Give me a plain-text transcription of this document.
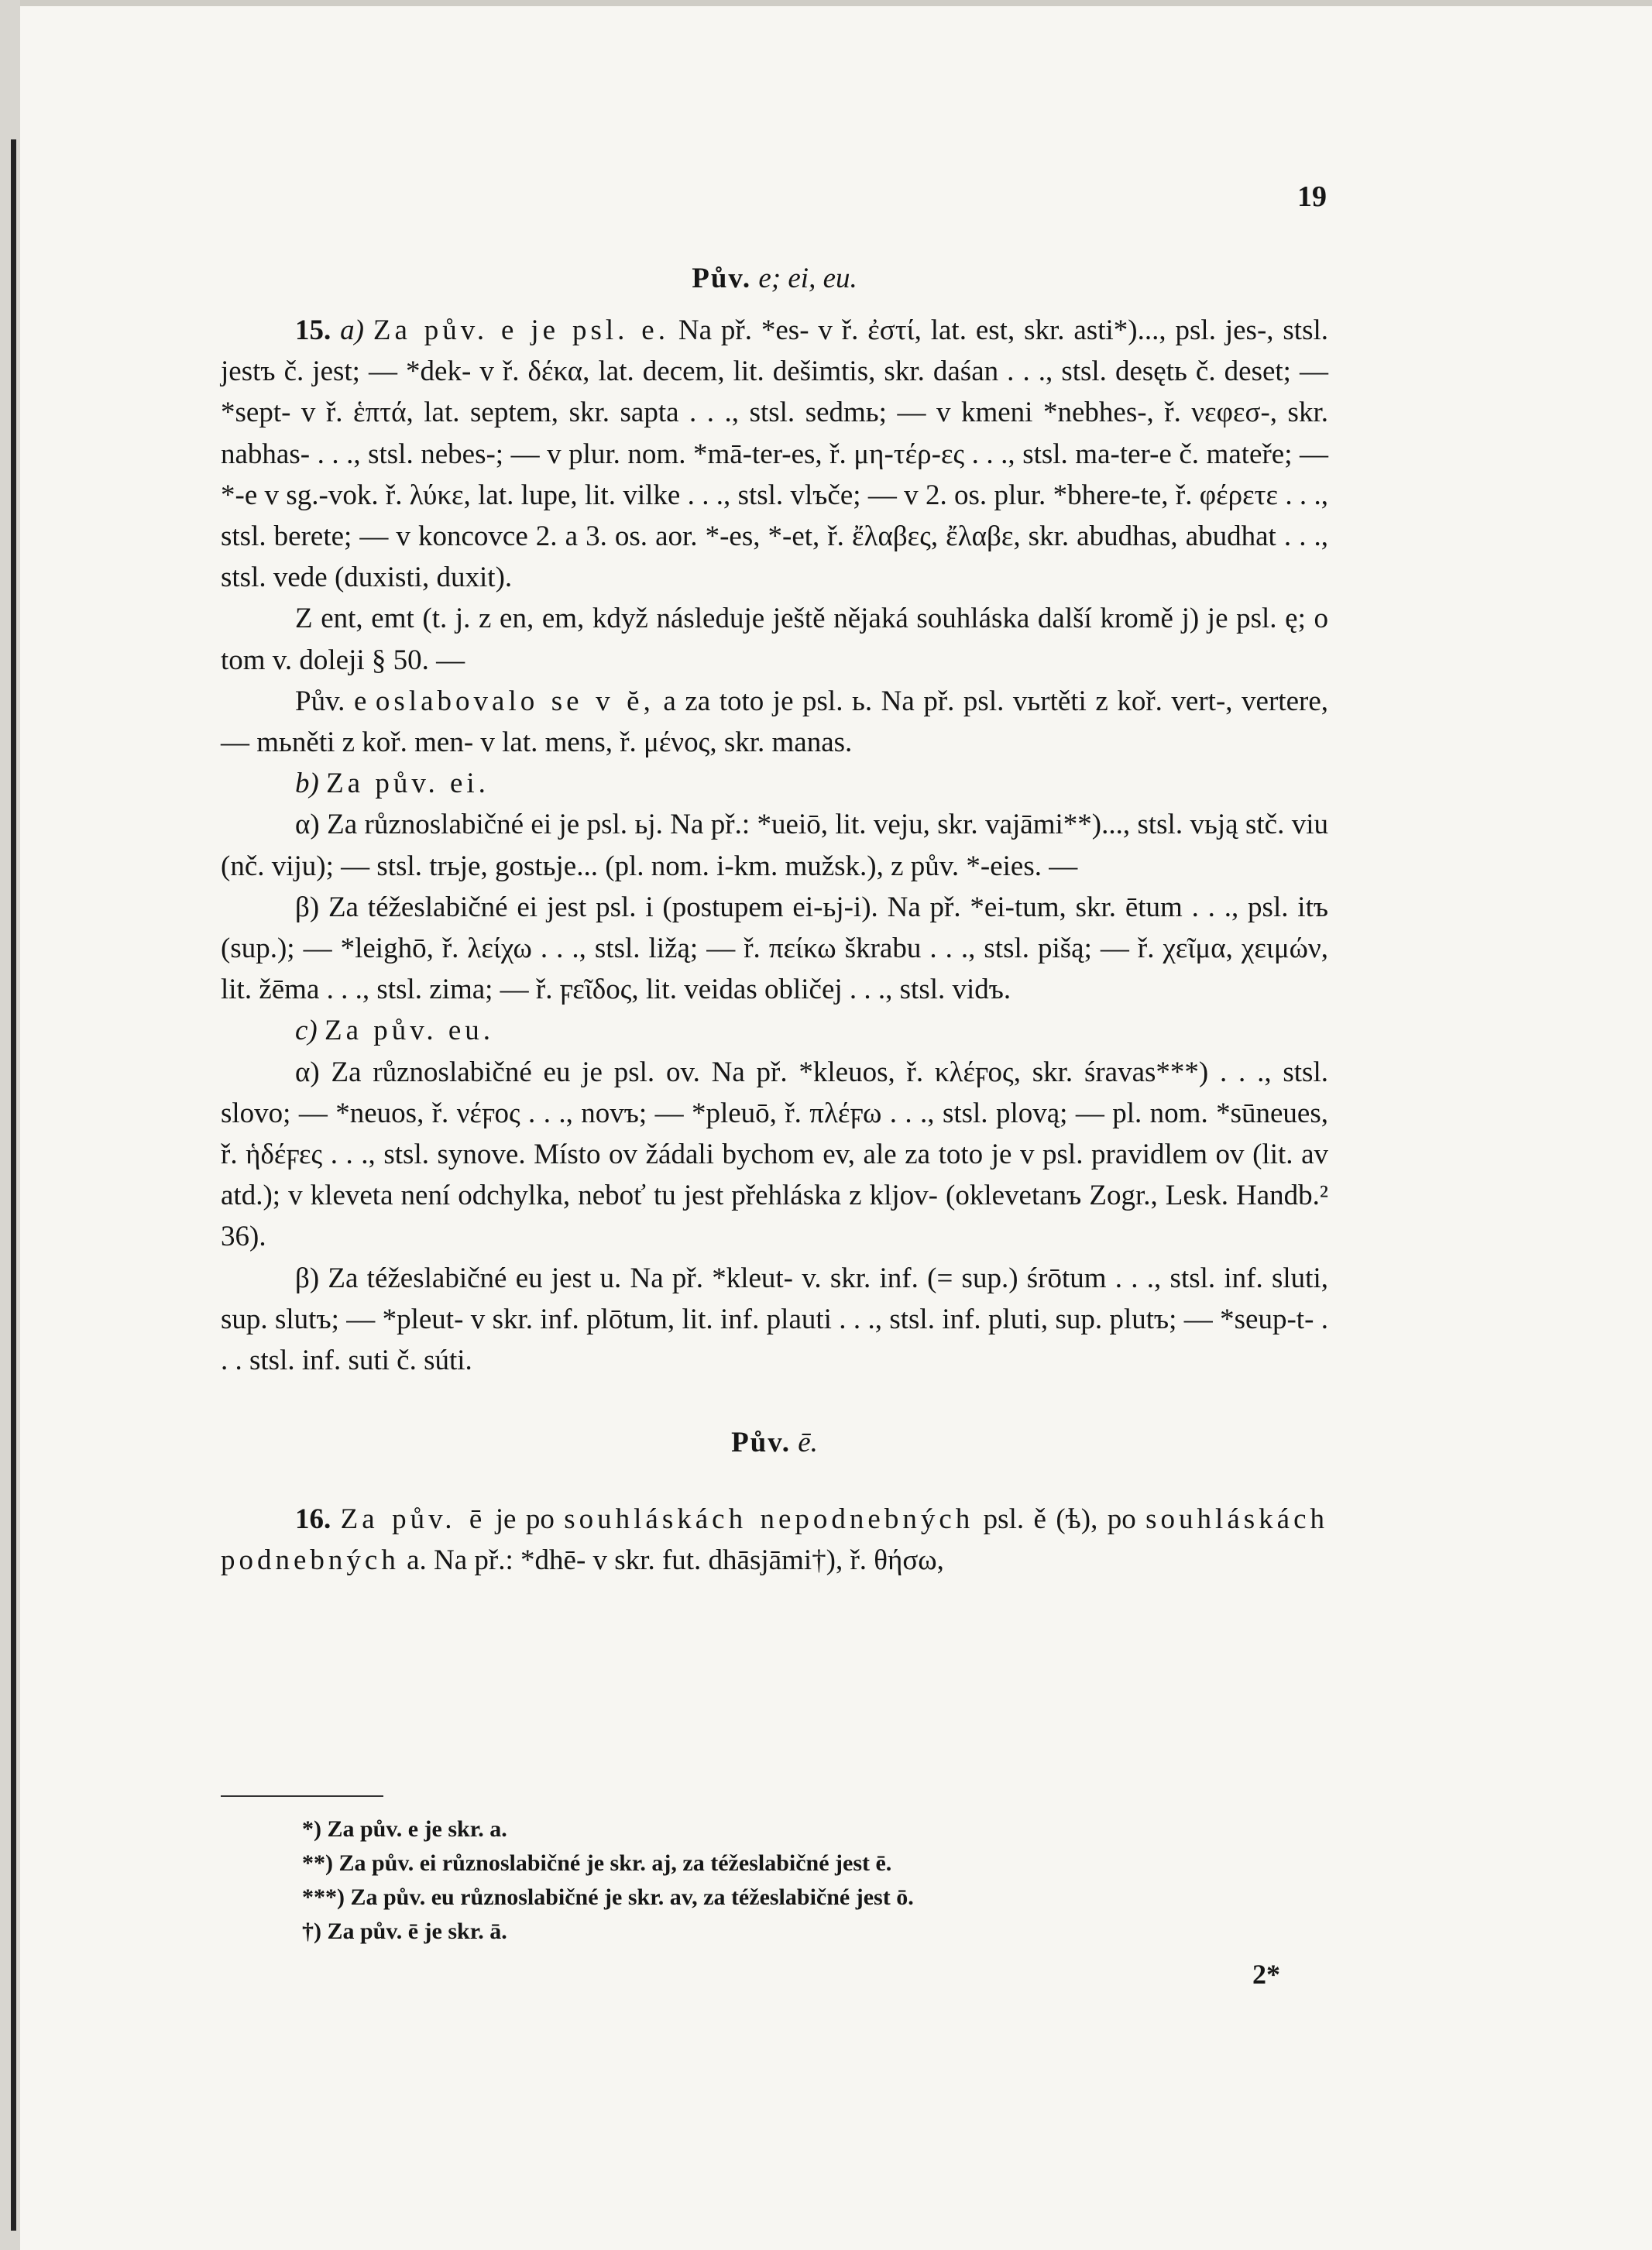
19
Pův. e; ei, eu.

15. a) Za pův. e je psl. e. Na př. *es- v ř. ἐστί, lat. est, skr. asti*)..., psl. jes-, stsl. jestъ č. jest; — *dek- v ř. δέκα, lat. decem, lit. dešimtis, skr. daśan . . ., stsl. desętь č. deset; — *sept- v ř. ἑπτά, lat. septem, skr. sapta . . ., stsl. sedmь; — v kmeni *nebhes-, ř. νεφεσ-, skr. nabhas- . . ., stsl. nebes-; — v plur. nom. *mā-ter-es, ř. μη-τέρ-ες . . ., stsl. ma-ter-e č. mateře; — *-e v sg.-vok. ř. λύκε, lat. lupe, lit. vilke . . ., stsl. vlъče; — v 2. os. plur. *bhere-te, ř. φέρετε . . ., stsl. berete; — v koncovce 2. a 3. os. aor. *-es, *-et, ř. ἔλαβες, ἔλαβε, skr. abudhas, abudhat . . ., stsl. vede (duxisti, duxit).

Z ent, emt (t. j. z en, em, když následuje ještě nějaká souhláska další kromě j) je psl. ę; o tom v. doleji § 50. —

Pův. e oslabovalo se v ĕ, a za toto je psl. ь. Na př. psl. vьrtěti z koř. vert-, vertere, — mьněti z koř. men- v lat. mens, ř. μένος, skr. manas.

b) Za pův. ei.

α) Za různoslabičné ei je psl. ьj. Na př.: *ueiō, lit. veju, skr. vajāmi**)..., stsl. vьją stč. viu (nč. viju); — stsl. trьje, gostьje... (pl. nom. i-km. mužsk.), z pův. *-eies. —

β) Za téžeslabičné ei jest psl. i (postupem ei-ьj-i). Na př. *ei-tum, skr. ētum . . ., psl. itъ (sup.); — *leighō, ř. λείχω . . ., stsl. ližą; — ř. πείκω škrabu . . ., stsl. pišą; — ř. χεῖμα, χειμών, lit. žēma . . ., stsl. zima; — ř. ϝεῖδος, lit. veidas obličej . . ., stsl. vidъ.

c) Za pův. eu.

α) Za různoslabičné eu je psl. ov. Na př. *kleuos, ř. κλέϝος, skr. śravas***) . . ., stsl. slovo; — *neuos, ř. νέϝος . . ., novъ; — *pleuō, ř. πλέϝω . . ., stsl. plovą; — pl. nom. *sūneues, ř. ἡδέϝες . . ., stsl. synove. Místo ov žádali bychom ev, ale za toto je v psl. pravidlem ov (lit. av atd.); v kleveta není odchylka, neboť tu jest přehláska z kljov- (oklevetanъ Zogr., Lesk. Handb.² 36).

β) Za téžeslabičné eu jest u. Na př. *kleut- v. skr. inf. (= sup.) śrōtum . . ., stsl. inf. sluti, sup. slutъ; — *pleut- v skr. inf. plōtum, lit. inf. plauti . . ., stsl. inf. pluti, sup. plutъ; — *seup-t- . . . stsl. inf. suti č. súti.

Pův. ē.

16. Za pův. ē je po souhláskách nepodnebných psl. ě (ѣ), po souhláskách podnebných a. Na př.: *dhē- v skr. fut. dhāsjāmi†), ř. θήσω,

*) Za pův. e je skr. a.
**) Za pův. ei různoslabičné je skr. aj, za téžeslabičné jest ē.
***) Za pův. eu různoslabičné je skr. av, za téžeslabičné jest ō.
†) Za pův. ē je skr. ā.
2*
